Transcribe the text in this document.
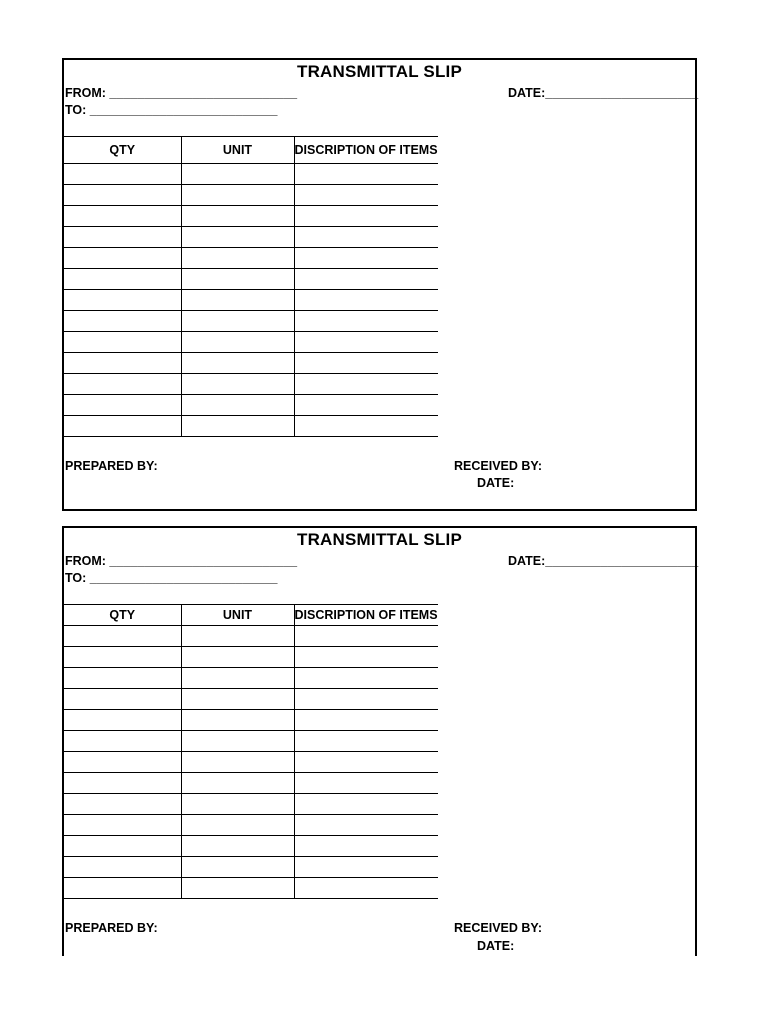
TRANSMITTAL SLIP
FROM: ___________________________
TO: ___________________________
DATE:______________________
QTY	UNIT	DISCRIPTION OF ITEMS

PREPARED BY:	RECEIVED BY:
DATE:
TRANSMITTAL SLIP
FROM: ___________________________
TO: ___________________________
DATE:______________________
QTY	UNIT	DISCRIPTION OF ITEMS

PREPARED BY:	RECEIVED BY:
DATE:
